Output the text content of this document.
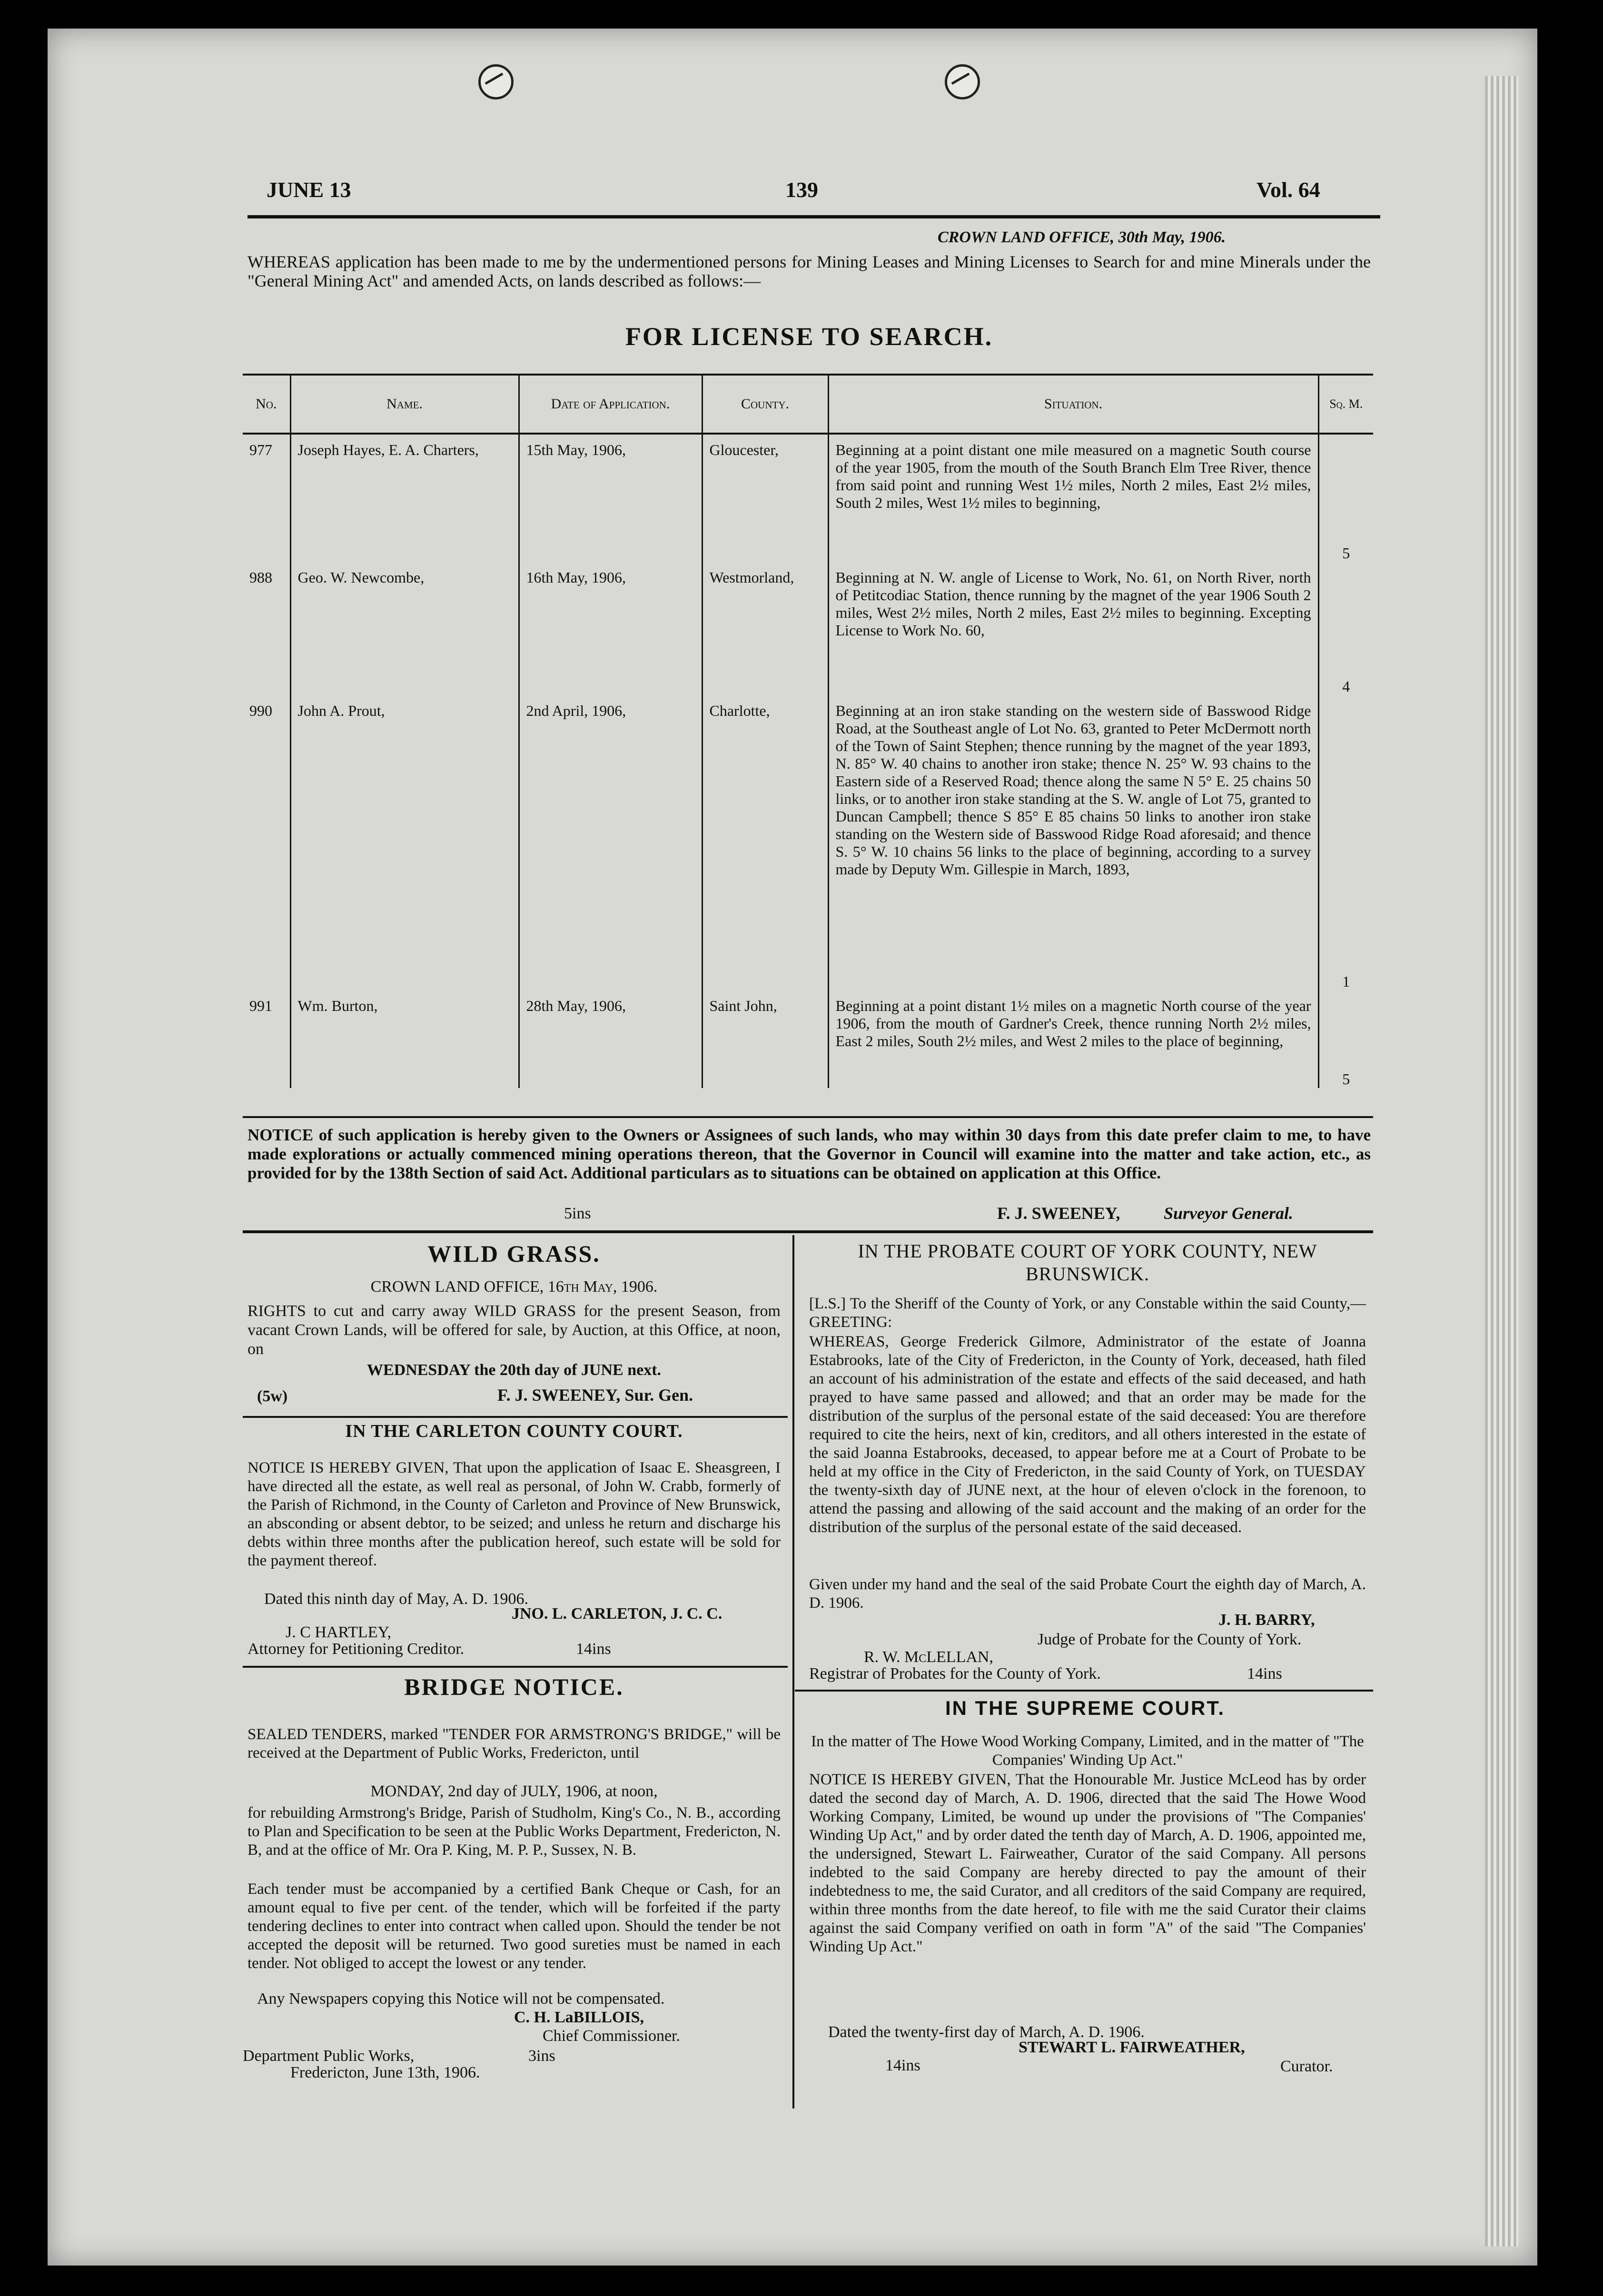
JUNE 13	139	Vol. 64
CROWN LAND OFFICE, 30th May, 1906.
WHEREAS application has been made to me by the undermentioned persons for Mining Leases and Mining Licenses to Search for and mine Minerals under the "General Mining Act" and amended Acts, on lands described as follows:—
FOR LICENSE TO SEARCH.
No.	Name.	Date of Application.	County.	Situation.	Sq. M.
977	Joseph Hayes, E. A. Charters,	15th May, 1906,	Gloucester,	Beginning at a point distant one mile measured on a magnetic South course of the year 1905, from the mouth of the South Branch Elm Tree River, thence from said point and running West 1½ miles, North 2 miles, East 2½ miles, South 2 miles, West 1½ miles to beginning,	5
988	Geo. W. Newcombe,	16th May, 1906,	Westmorland,	Beginning at N. W. angle of License to Work, No. 61, on North River, north of Petitcodiac Station, thence running by the magnet of the year 1906 South 2 miles, West 2½ miles, North 2 miles, East 2½ miles to beginning. Excepting License to Work No. 60,	4
990	John A. Prout,	2nd April, 1906,	Charlotte,	Beginning at an iron stake standing on the western side of Basswood Ridge Road, at the Southeast angle of Lot No. 63, granted to Peter McDermott north of the Town of Saint Stephen; thence running by the magnet of the year 1893, N. 85° W. 40 chains to another iron stake; thence N. 25° W. 93 chains to the Eastern side of a Reserved Road; thence along the same N 5° E. 25 chains 50 links, or to another iron stake standing at the S. W. angle of Lot 75, granted to Duncan Campbell; thence S 85° E 85 chains 50 links to another iron stake standing on the Western side of Basswood Ridge Road aforesaid; and thence S. 5° W. 10 chains 56 links to the place of beginning, according to a survey made by Deputy Wm. Gillespie in March, 1893,	1
991	Wm. Burton,	28th May, 1906,	Saint John,	Beginning at a point distant 1½ miles on a magnetic North course of the year 1906, from the mouth of Gardner's Creek, thence running North 2½ miles, East 2 miles, South 2½ miles, and West 2 miles to the place of beginning,	5
NOTICE of such application is hereby given to the Owners or Assignees of such lands, who may within 30 days from this date prefer claim to me, to have made explorations or actually commenced mining operations thereon, that the Governor in Council will examine into the matter and take action, etc., as provided for by the 138th Section of said Act. Additional particulars as to situations can be obtained on application at this Office.
5ins	F. J. SWEENEY,	Surveyor General.
WILD GRASS.
CROWN LAND OFFICE, 16th May, 1906.
RIGHTS to cut and carry away WILD GRASS for the present Season, from vacant Crown Lands, will be offered for sale, by Auction, at this Office, at noon, on
WEDNESDAY the 20th day of JUNE next.
(5w)	F. J. SWEENEY, Sur. Gen.
IN THE CARLETON COUNTY COURT.
NOTICE IS HEREBY GIVEN, That upon the application of Isaac E. Sheasgreen, I have directed all the estate, as well real as personal, of John W. Crabb, formerly of the Parish of Richmond, in the County of Carleton and Province of New Brunswick, an absconding or absent debtor, to be seized; and unless he return and discharge his debts within three months after the publication hereof, such estate will be sold for the payment thereof.
Dated this ninth day of May, A. D. 1906.
JNO. L. CARLETON, J. C. C.
J. C HARTLEY,
Attorney for Petitioning Creditor.	14ins
BRIDGE NOTICE.
SEALED TENDERS, marked "TENDER FOR ARMSTRONG'S BRIDGE," will be received at the Department of Public Works, Fredericton, until
MONDAY, 2nd day of JULY, 1906, at noon,
for rebuilding Armstrong's Bridge, Parish of Studholm, King's Co., N. B., according to Plan and Specification to be seen at the Public Works Department, Fredericton, N. B, and at the office of Mr. Ora P. King, M. P. P., Sussex, N. B.
Each tender must be accompanied by a certified Bank Cheque or Cash, for an amount equal to five per cent. of the tender, which will be forfeited if the party tendering declines to enter into contract when called upon. Should the tender be not accepted the deposit will be returned. Two good sureties must be named in each tender. Not obliged to accept the lowest or any tender.
Any Newspapers copying this Notice will not be compensated.
C. H. LaBILLOIS,
Chief Commissioner.
Department Public Works,	3ins
Fredericton, June 13th, 1906.
IN THE PROBATE COURT OF YORK COUNTY, NEW BRUNSWICK.
[L.S.] To the Sheriff of the County of York, or any Constable within the said County,—GREETING:
WHEREAS, George Frederick Gilmore, Administrator of the estate of Joanna Estabrooks, late of the City of Fredericton, in the County of York, deceased, hath filed an account of his administration of the estate and effects of the said deceased, and hath prayed to have same passed and allowed; and that an order may be made for the distribution of the surplus of the personal estate of the said deceased: You are therefore required to cite the heirs, next of kin, creditors, and all others interested in the estate of the said Joanna Estabrooks, deceased, to appear before me at a Court of Probate to be held at my office in the City of Fredericton, in the said County of York, on TUESDAY the twenty-sixth day of JUNE next, at the hour of eleven o'clock in the forenoon, to attend the passing and allowing of the said account and the making of an order for the distribution of the surplus of the personal estate of the said deceased.
Given under my hand and the seal of the said Probate Court the eighth day of March, A. D. 1906.
J. H. BARRY,
Judge of Probate for the County of York.
R. W. McLELLAN,
Registrar of Probates for the County of York.	14ins
IN THE SUPREME COURT.
In the matter of The Howe Wood Working Company, Limited, and in the matter of "The Companies' Winding Up Act."
NOTICE IS HEREBY GIVEN, That the Honourable Mr. Justice McLeod has by order dated the second day of March, A. D. 1906, directed that the said The Howe Wood Working Company, Limited, be wound up under the provisions of "The Companies' Winding Up Act," and by order dated the tenth day of March, A. D. 1906, appointed me, the undersigned, Stewart L. Fairweather, Curator of the said Company. All persons indebted to the said Company are hereby directed to pay the amount of their indebtedness to me, the said Curator, and all creditors of the said Company are required, within three months from the date hereof, to file with me the said Curator their claims against the said Company verified on oath in form "A" of the said "The Companies' Winding Up Act."
Dated the twenty-first day of March, A. D. 1906.
14ins
STEWART L. FAIRWEATHER,
Curator.
